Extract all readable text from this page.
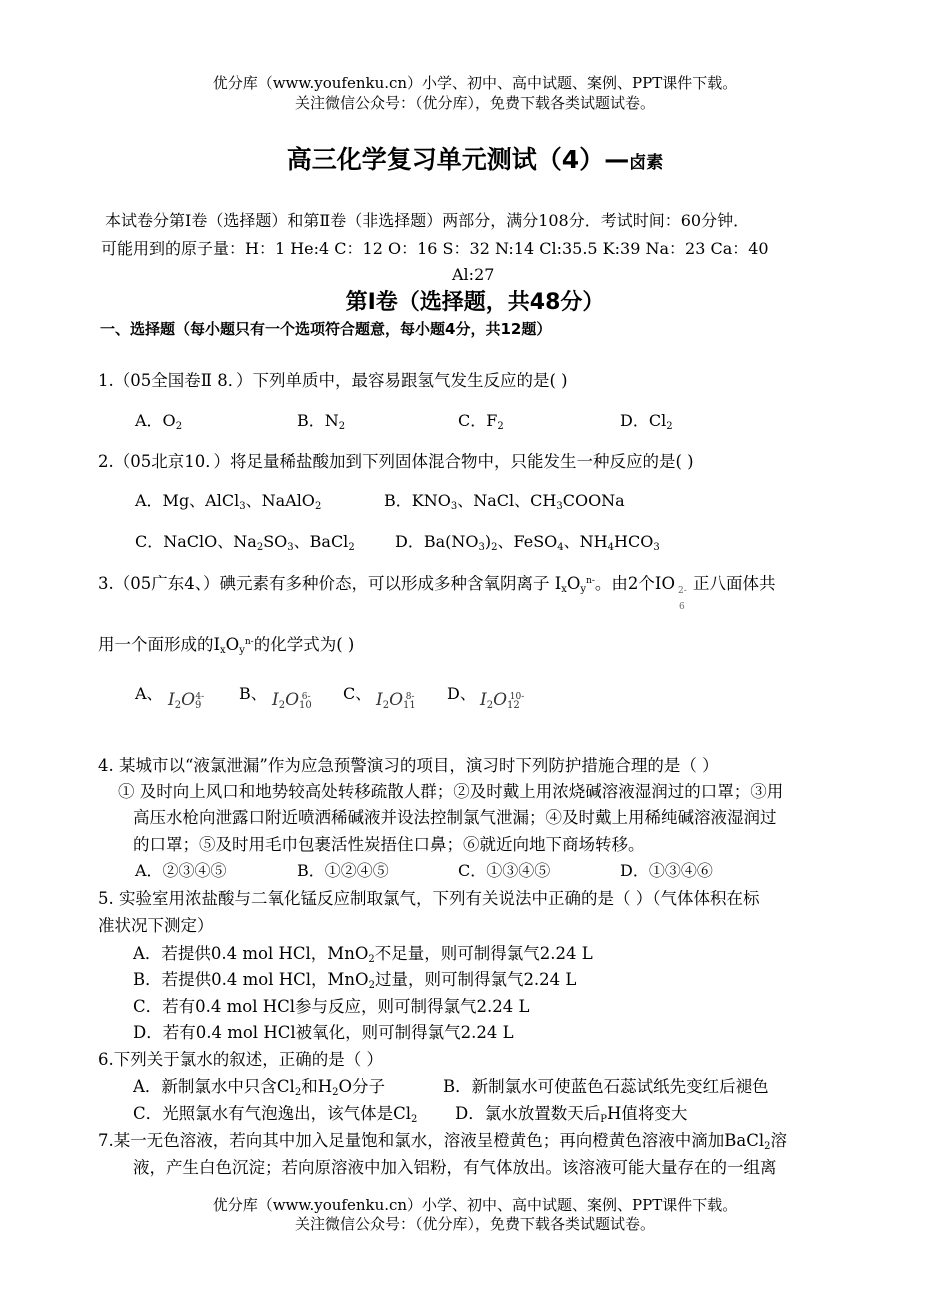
优分库（www.youfenku.cn）小学、初中、高中试题、案例、PPT课件下载。
关注微信公众号：（优分库），免费下载各类试题试卷。
高三化学复习单元测试（4）—卤素
本试卷分第Ⅰ卷（选择题）和第Ⅱ卷（非选择题）两部分，满分108分．考试时间：60分钟．
可能用到的原子量：H：1 He:4 C：12 O：16 S：32 N:14 Cl:35.5 K:39 Na：23 Ca：40
Al:27
第Ⅰ卷（选择题，共48分）
一、选择题（每小题只有一个选项符合题意，每小题4分，共12题）
1.（05全国卷Ⅱ 8．）下列单质中，最容易跟氢气发生反应的是( )
A．$O_2$	B．$N_2$	C．$F_2$	D．$Cl_2$
2.（05北京10．）将足量稀盐酸加到下列固体混合物中，只能发生一种反应的是( )
A．Mg、AlCl$_3$、NaAlO$_2$	B．$KNO_3$、NaCl、$CH_3COONa$
C．NaClO、$Na_2SO_3$、BaCl$_2$	D．$Ba(NO_3)_2$、FeSO$_4$、$NH_4HCO_3$
3.（05广东4、）碘元素有多种价态，可以形成多种含氧阴离子 $I_xO_y^{n-}$。由2个IO 2-
6
正八面体共
用一个面形成的$I_xO_y^{n-}$的化学式为( )
A、 $I_2O_9^{4-}$ B、 $I_2O_{10}^{6-}$ C、 $I_2O_{11}^{8-}$ D、 $I_2O_{12}^{10-}$
4. 某城市以“液氯泄漏”作为应急预警演习的项目，演习时下列防护措施合理的是（ ）
① 及时向上风口和地势较高处转移疏散人群；②及时戴上用浓烧碱溶液湿润过的口罩；③用
高压水枪向泄露口附近喷洒稀碱液并设法控制氯气泄漏；④及时戴上用稀纯碱溶液湿润过
的口罩；⑤及时用毛巾包裹活性炭捂住口鼻；⑥就近向地下商场转移。
A．②③④⑤	B．①②④⑤	C．①③④⑤	D．①③④⑥
5. 实验室用浓盐酸与二氧化锰反应制取氯气，下列有关说法中正确的是（ ）（气体体积在标
准状况下测定）
A．若提供0.4 mol HCl，MnO$_2$不足量，则可制得氯气2.24 L
B．若提供0.4 mol HCl，MnO$_2$过量，则可制得氯气2.24 L
C．若有0.4 mol HCl参与反应，则可制得氯气2.24 L
D．若有0.4 mol HCl被氧化，则可制得氯气2.24 L
6.下列关于氯水的叙述，正确的是（ ）
A．新制氯水中只含$Cl_2$和$H_2O$分子	B．新制氯水可使蓝色石蕊试纸先变红后褪色
C．光照氯水有气泡逸出，该气体是$Cl_2$ D．氯水放置数天后$_P$H值将变大
7.某一无色溶液，若向其中加入足量饱和氯水，溶液呈橙黄色；再向橙黄色溶液中滴加BaCl$_2$溶
液，产生白色沉淀；若向原溶液中加入铝粉，有气体放出。该溶液可能大量存在的一组离
优分库（www.youfenku.cn）小学、初中、高中试题、案例、PPT课件下载。
关注微信公众号：（优分库），免费下载各类试题试卷。
